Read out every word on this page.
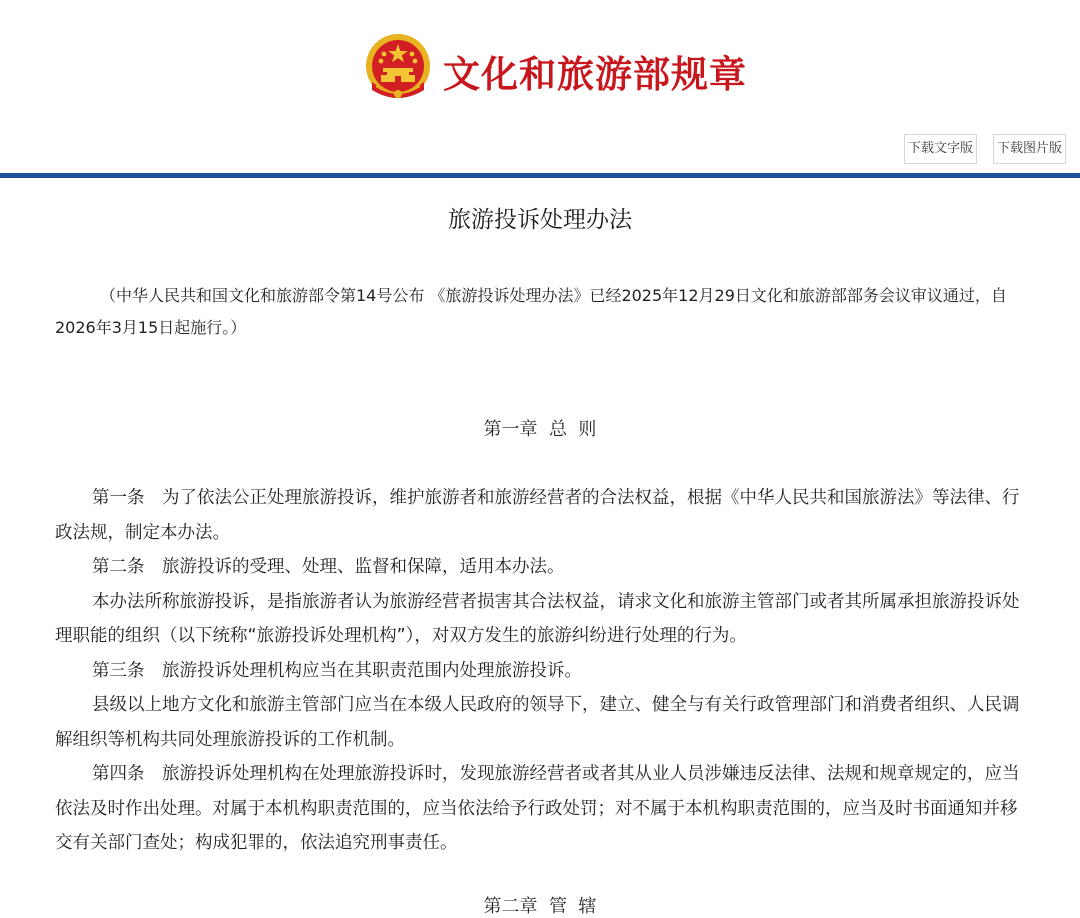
文化和旅游部规章
下载文字版	下载图片版
旅游投诉处理办法

（中华人民共和国文化和旅游部令第14号公布 《旅游投诉处理办法》已经2025年12月29日文化和旅游部部务会议审议通过，自2026年3月15日起施行。）

第一章  总  则

第一条　为了依法公正处理旅游投诉，维护旅游者和旅游经营者的合法权益，根据《中华人民共和国旅游法》等法律、行政法规，制定本办法。

第二条　旅游投诉的受理、处理、监督和保障，适用本办法。

本办法所称旅游投诉，是指旅游者认为旅游经营者损害其合法权益，请求文化和旅游主管部门或者其所属承担旅游投诉处理职能的组织（以下统称“旅游投诉处理机构”），对双方发生的旅游纠纷进行处理的行为。

第三条　旅游投诉处理机构应当在其职责范围内处理旅游投诉。

县级以上地方文化和旅游主管部门应当在本级人民政府的领导下，建立、健全与有关行政管理部门和消费者组织、人民调解组织等机构共同处理旅游投诉的工作机制。

第四条　旅游投诉处理机构在处理旅游投诉时，发现旅游经营者或者其从业人员涉嫌违反法律、法规和规章规定的，应当依法及时作出处理。对属于本机构职责范围的，应当依法给予行政处罚；对不属于本机构职责范围的，应当及时书面通知并移交有关部门查处；构成犯罪的，依法追究刑事责任。

第二章  管  辖
